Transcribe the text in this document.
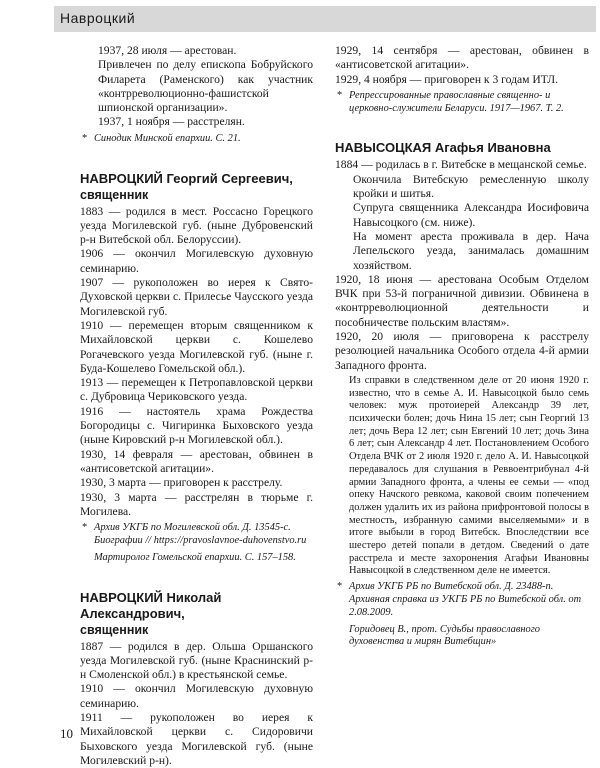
Навроцкий
1937, 28 июля — арестован.
Привлечен по делу епископа Бобруйского Филарета (Раменского) как участник «контрреволюционно-фашистской шпионской организации».
1937, 1 ноября — расстрелян.

* Синодик Минской епархии. С. 21.

НАВРОЦКИЙ Георгий Сергеевич,
священник
1883 — родился в мест. Россасно Горецкого уезда Могилевской губ. (ныне Дубровенский р-н Витебской обл. Белоруссии).
1906 — окончил Могилевскую духовную семинарию.
1907 — рукоположен во иерея к Свято-Духовской церкви с. Прилесье Чаусского уезда Могилевской губ.
1910 — перемещен вторым священником к Михайловской церкви с. Кошелево Рогачевского уезда Могилевской губ. (ныне г. Буда-Кошелево Гомельской обл.).
1913 — перемещен к Петропавловской церкви с. Дубровица Чериковского уезда.
1916 — настоятель храма Рождества Богородицы с. Чигиринка Быховского уезда (ныне Кировский р-н Могилевской обл.).
1930, 14 февраля — арестован, обвинен в «антисоветской агитации».
1930, 3 марта — приговорен к расстрелу.
1930, 3 марта — расстрелян в тюрьме г. Могилева.

* Архив УКГБ по Могилевской обл. Д. 13545-с. Биографии // https://pravoslavnoe-duhovenstvo.ru

Мартиролог Гомельской епархии. С. 157–158.

НАВРОЦКИЙ Николай Александрович,
священник
1887 — родился в дер. Ольша Оршанского уезда Могилевской губ. (ныне Краснинский р-н Смоленской обл.) в крестьянской семье.
1910 — окончил Могилевскую духовную семинарию.
1911 — рукоположен во иерея к Михайловской церкви с. Сидоровичи Быховского уезда Могилевской губ. (ныне Могилевский р-н).
1929, 14 сентября — арестован, обвинен в «антисоветской агитации».
1929, 4 ноября — приговорен к 3 годам ИТЛ.

* Репрессированные православные священно- и церковно-служители Беларуси. 1917—1967. Т. 2.

НАВЫСОЦКАЯ Агафья Ивановна
1884 — родилась в г. Витебске в мещанской семье.
Окончила Витебскую ремесленную школу кройки и шитья.
Супруга священника Александра Иосифовича Навысоцкого (см. ниже).
На момент ареста проживала в дер. Нача Лепельского уезда, занималась домашним хозяйством.
1920, 18 июня — арестована Особым Отделом ВЧК при 53-й пограничной дивизии. Обвинена в «контрреволюционной деятельности и пособничестве польским властям».
1920, 20 июля — приговорена к расстрелу резолюцией начальника Особого отдела 4-й армии Западного фронта.
Из справки в следственном деле от 20 июня 1920 г. известно, что в семье А. И. Навысоцкой было семь человек: муж протоиерей Александр 39 лет, психически болен; дочь Нина 15 лет; сын Георгий 13 лет; дочь Вера 12 лет; сын Евгений 10 лет; дочь Зина 6 лет; сын Александр 4 лет. Постановлением Особого Отдела ВЧК от 2 июля 1920 г. дело А. И. Навысоцкой передавалось для слушания в Реввоентрибунал 4-й армии Западного фронта, а члены ее семьи — «под опеку Начского ревкома, каковой своим попечением должен удалить их из района прифронтовой полосы в местность, избранную самими выселяемыми» и в итоге выбыли в город Витебск. Впоследствии все шестеро детей попали в детдом. Сведений о дате расстрела и месте захоронения Агафьи Ивановны Навысоцкой в следственном деле не имеется.

* Архив УКГБ РБ по Витебской обл. Д. 23488-п. Архивная справка из УКГБ РБ по Витебской обл. от 2.08.2009.

Горидовец В., прот. Судьбы православного духовенства и мирян Витебщин»

10
